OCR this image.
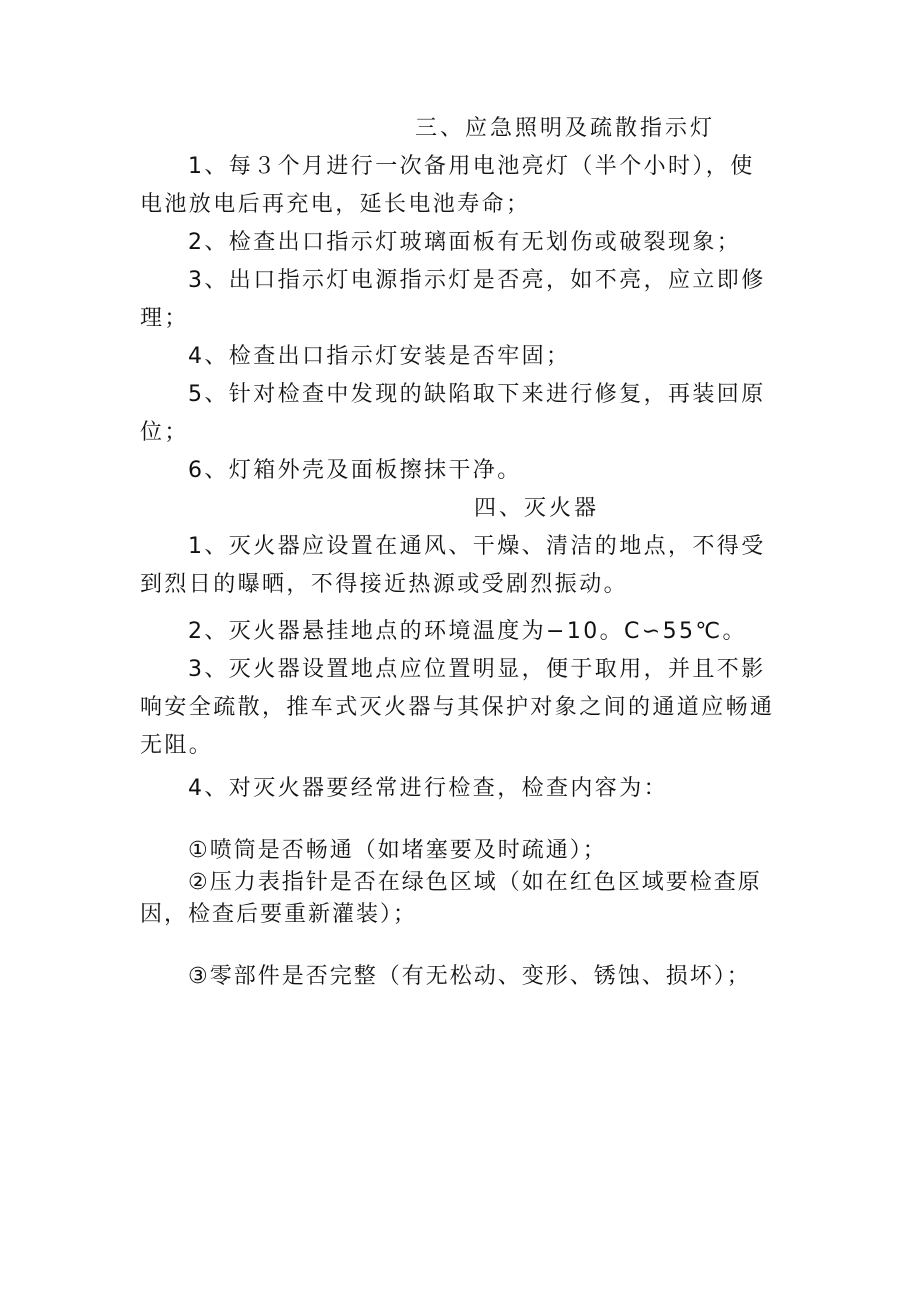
三、应急照明及疏散指示灯
1、每３个月进行一次备用电池亮灯（半个小时），使
电池放电后再充电，延长电池寿命；
2、检查出口指示灯玻璃面板有无划伤或破裂现象；
3、出口指示灯电源指示灯是否亮，如不亮，应立即修
理；
4、检查出口指示灯安装是否牢固；
5、针对检查中发现的缺陷取下来进行修复，再装回原
位；
6、灯箱外壳及面板擦抹干净。
四、灭火器
1、灭火器应设置在通风、干燥、清洁的地点，不得受
到烈日的曝晒，不得接近热源或受剧烈振动。
2、灭火器悬挂地点的环境温度为−10。C∽55℃。
3、灭火器设置地点应位置明显，便于取用，并且不影
响安全疏散，推车式灭火器与其保护对象之间的通道应畅通
无阻。
4、对灭火器要经常进行检查，检查内容为：
①喷筒是否畅通（如堵塞要及时疏通）；
②压力表指针是否在绿色区域（如在红色区域要检查原
因，检查后要重新灌装）；
③零部件是否完整（有无松动、变形、锈蚀、损坏）；
